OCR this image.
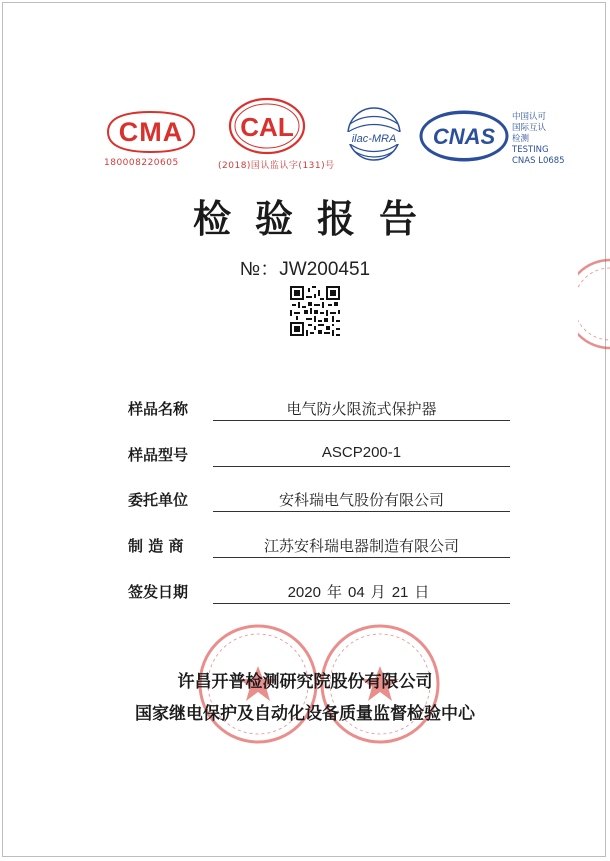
CMA
180008220605
CAL
(2018)国认监认字(131)号
ilac-MRA CNAS
中国认可
国际互认
检测
TESTING
CNAS L0685
检验报告
№：JW200451
样品名称	电气防火限流式保护器
样品型号	ASCP200-1
委托单位	安科瑞电气股份有限公司
制 造 商	江苏安科瑞电器制造有限公司
签发日期	2020 年 04 月 21 日
许昌开普检测研究院股份有限公司
国家继电保护及自动化设备质量监督检验中心
